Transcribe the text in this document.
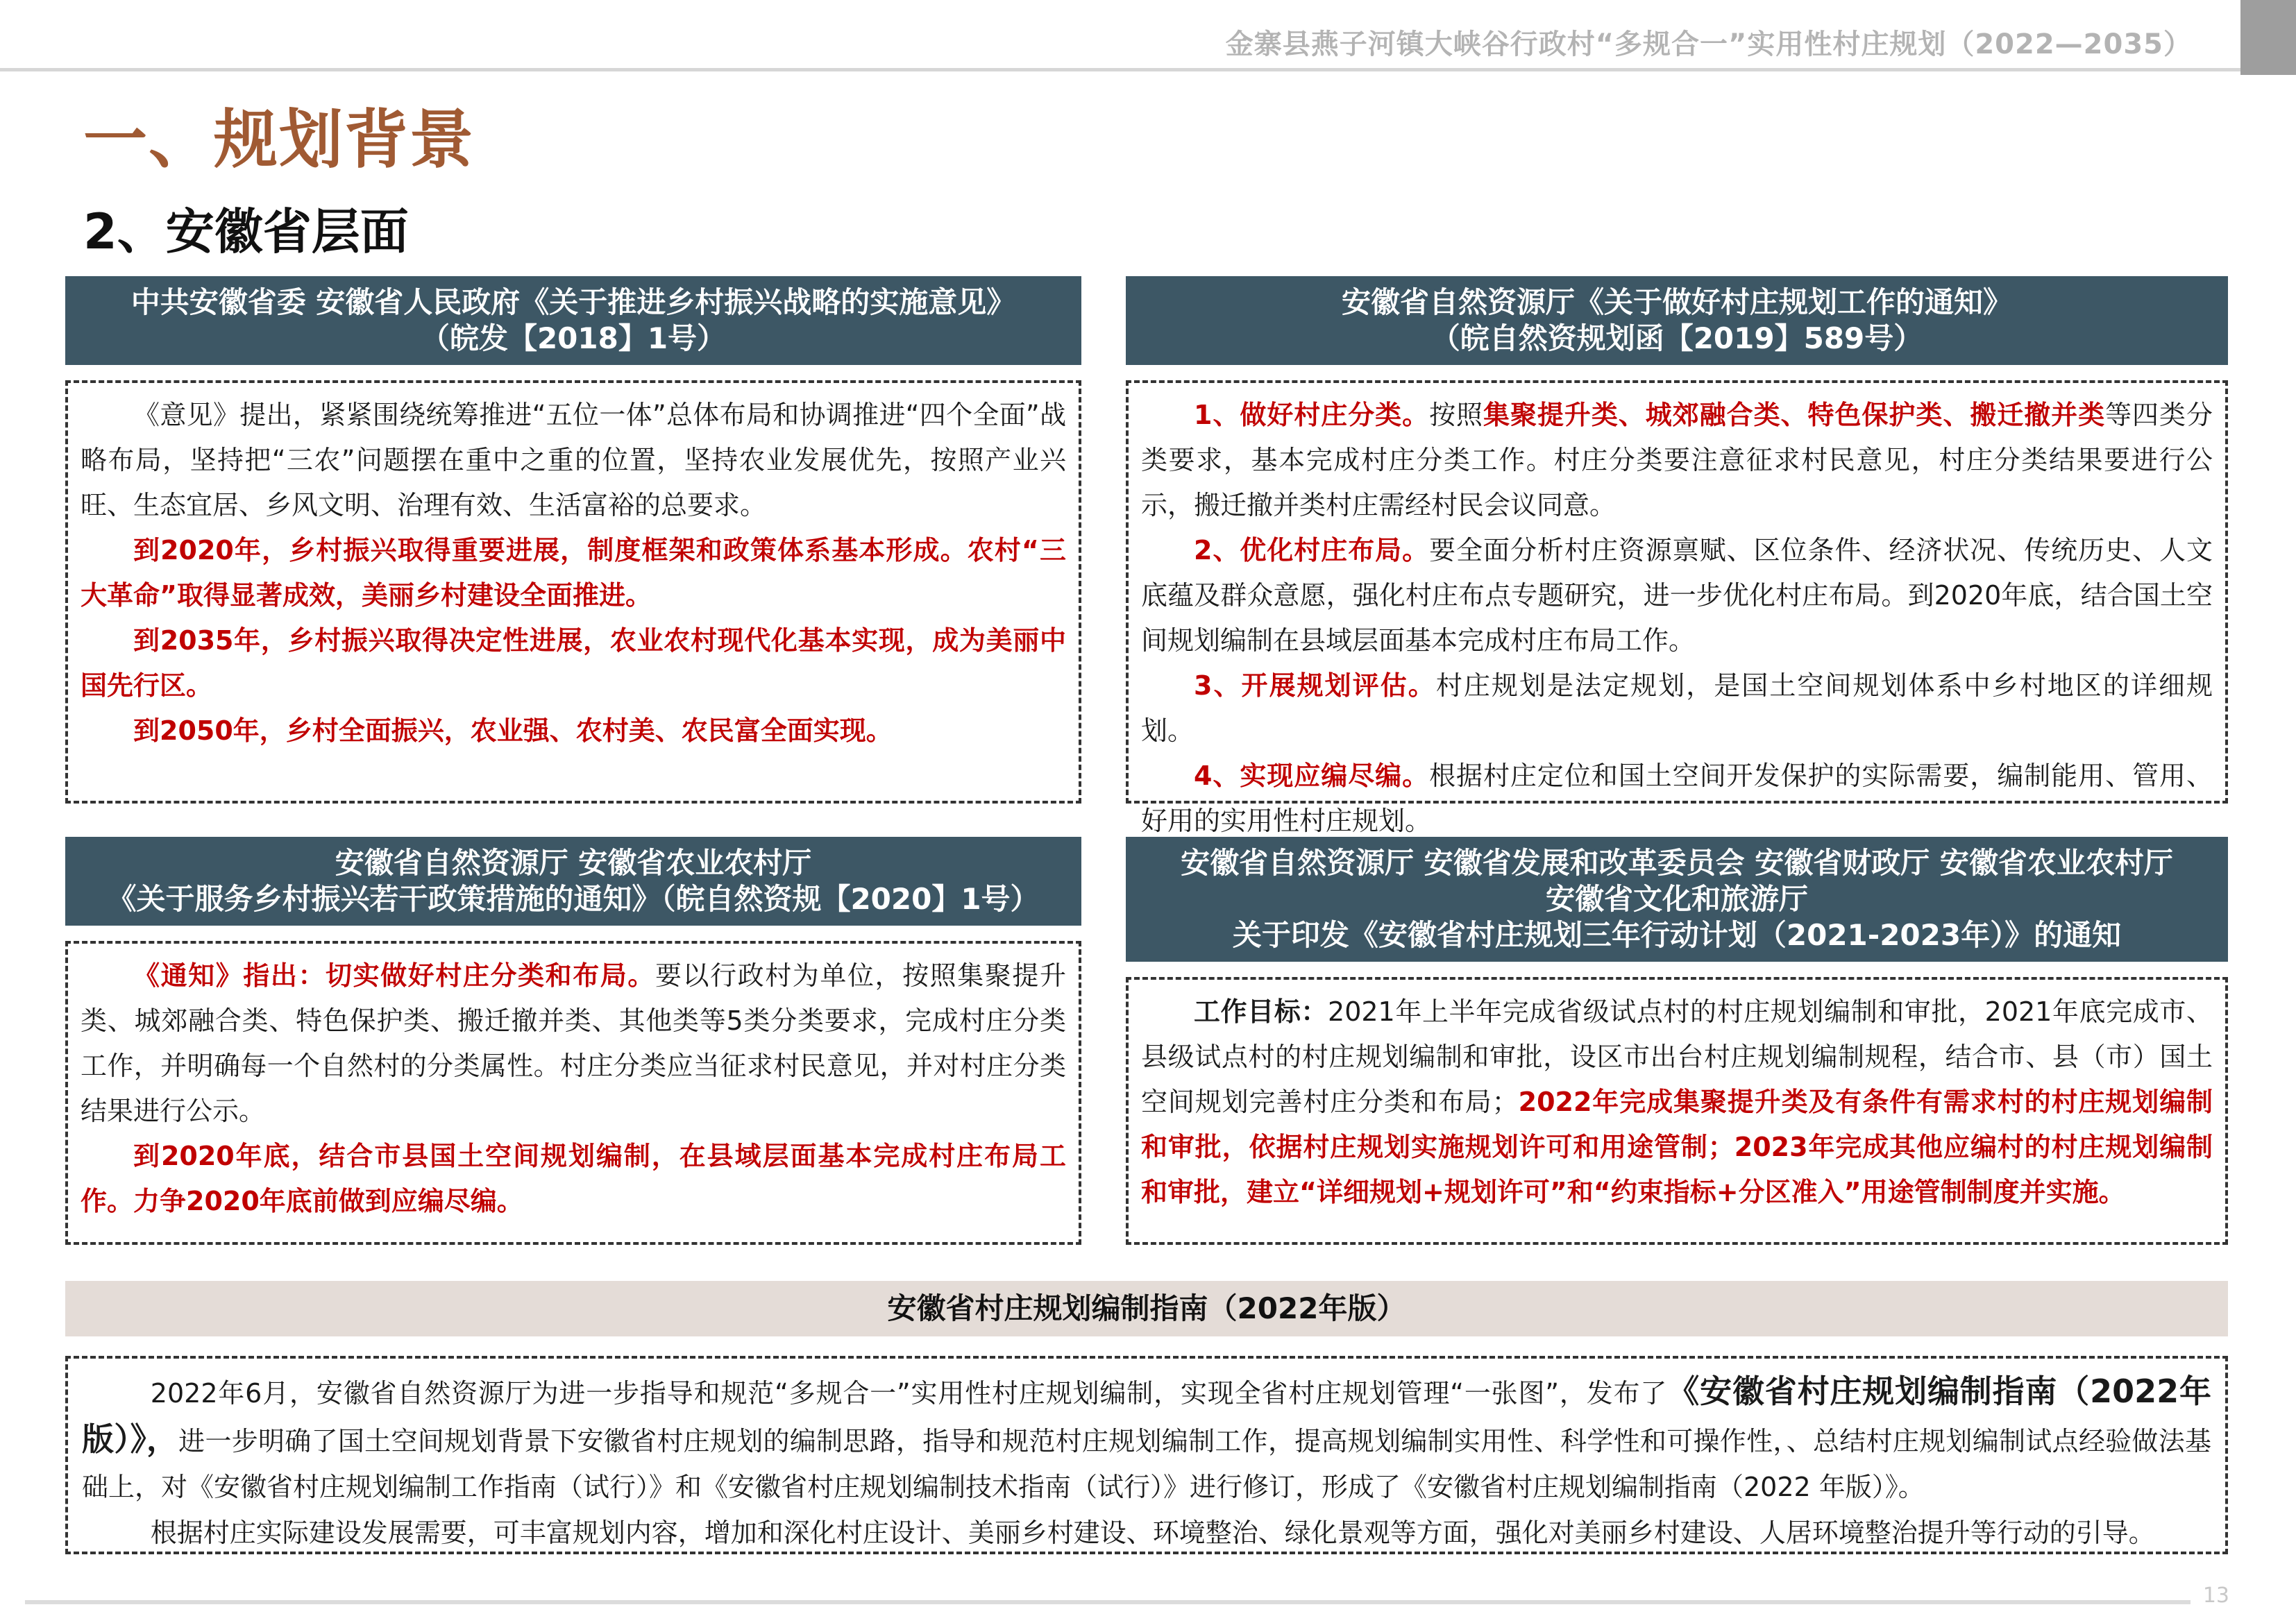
金寨县燕子河镇大峡谷行政村“多规合一”实用性村庄规划（2022—2035）
一、规划背景
2、安徽省层面
中共安徽省委 安徽省人民政府《关于推进乡村振兴战略的实施意见》
（皖发【2018】1号）

《意见》提出，紧紧围绕统筹推进“五位一体”总体布局和协调推进“四个全面”战略布局，坚持把“三农”问题摆在重中之重的位置，坚持农业发展优先，按照产业兴旺、生态宜居、乡风文明、治理有效、生活富裕的总要求。

到2020年，乡村振兴取得重要进展，制度框架和政策体系基本形成。农村“三大革命”取得显著成效，美丽乡村建设全面推进。

到2035年，乡村振兴取得决定性进展，农业农村现代化基本实现，成为美丽中国先行区。

到2050年，乡村全面振兴，农业强、农村美、农民富全面实现。

安徽省自然资源厅《关于做好村庄规划工作的通知》
（皖自然资规划函【2019】589号）

1、做好村庄分类。按照集聚提升类、城郊融合类、特色保护类、搬迁撤并类等四类分类要求，基本完成村庄分类工作。村庄分类要注意征求村民意见，村庄分类结果要进行公示，搬迁撤并类村庄需经村民会议同意。

2、优化村庄布局。要全面分析村庄资源禀赋、区位条件、经济状况、传统历史、人文底蕴及群众意愿，强化村庄布点专题研究，进一步优化村庄布局。到2020年底，结合国土空间规划编制在县域层面基本完成村庄布局工作。

3、开展规划评估。村庄规划是法定规划，是国土空间规划体系中乡村地区的详细规划。

4、实现应编尽编。根据村庄定位和国土空间开发保护的实际需要，编制能用、管用、好用的实用性村庄规划。

安徽省自然资源厅 安徽省农业农村厅
《关于服务乡村振兴若干政策措施的通知》（皖自然资规【2020】1号）

《通知》指出：切实做好村庄分类和布局。要以行政村为单位，按照集聚提升类、城郊融合类、特色保护类、搬迁撤并类、其他类等5类分类要求，完成村庄分类工作，并明确每一个自然村的分类属性。村庄分类应当征求村民意见，并对村庄分类结果进行公示。

到2020年底，结合市县国土空间规划编制，在县域层面基本完成村庄布局工作。力争2020年底前做到应编尽编。

安徽省自然资源厅 安徽省发展和改革委员会 安徽省财政厅 安徽省农业农村厅
安徽省文化和旅游厅
关于印发《安徽省村庄规划三年行动计划（2021-2023年）》的通知

工作目标：2021年上半年完成省级试点村的村庄规划编制和审批，2021年底完成市、县级试点村的村庄规划编制和审批，设区市出台村庄规划编制规程，结合市、县（市）国土空间规划完善村庄分类和布局；2022年完成集聚提升类及有条件有需求村的村庄规划编制和审批，依据村庄规划实施规划许可和用途管制；2023年完成其他应编村的村庄规划编制和审批，建立“详细规划+规划许可”和“约束指标+分区准入”用途管制制度并实施。

安徽省村庄规划编制指南（2022年版）

2022年6月，安徽省自然资源厅为进一步指导和规范“多规合一”实用性村庄规划编制，实现全省村庄规划管理“一张图”，发布了《安徽省村庄规划编制指南（2022年版）》，进一步明确了国土空间规划背景下安徽省村庄规划的编制思路，指导和规范村庄规划编制工作，提高规划编制实用性、科学性和可操作性，、总结村庄规划编制试点经验做法基础上，对《安徽省村庄规划编制工作指南（试行）》和《安徽省村庄规划编制技术指南（试行）》进行修订，形成了《安徽省村庄规划编制指南（2022 年版）》。

根据村庄实际建设发展需要，可丰富规划内容，增加和深化村庄设计、美丽乡村建设、环境整治、绿化景观等方面，强化对美丽乡村建设、人居环境整治提升等行动的引导。

13
